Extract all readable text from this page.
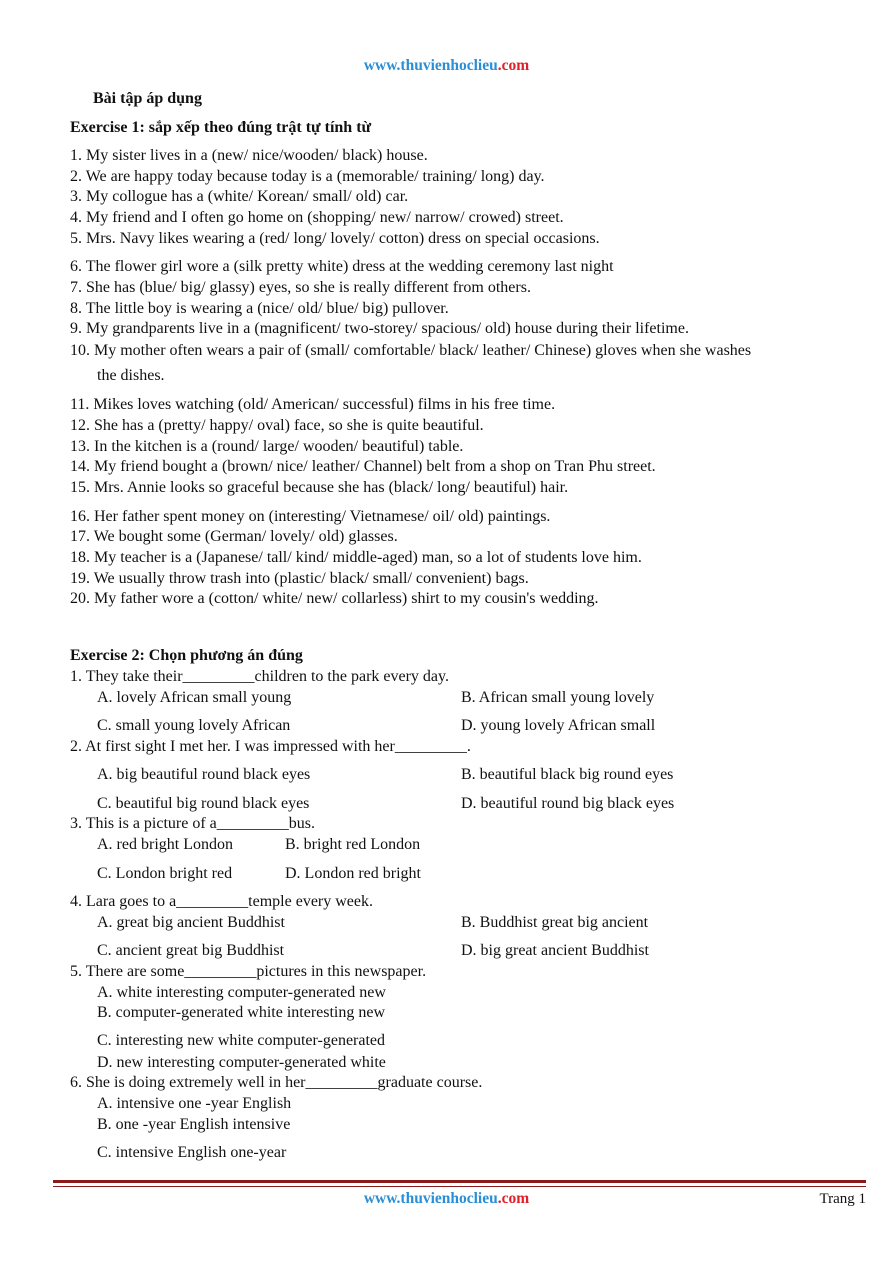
www.thuvienhoclieu.com
Bài tập áp dụng
Exercise 1: sắp xếp theo đúng trật tự tính từ
1. My sister lives in a (new/ nice/wooden/ black) house.
2. We are happy today because today is a (memorable/ training/ long) day.
3. My collogue has a (white/ Korean/ small/ old) car.
4. My friend and I often go home on (shopping/ new/ narrow/ crowed) street.
5. Mrs. Navy likes wearing a (red/ long/ lovely/ cotton) dress on special occasions.
6. The flower girl wore a (silk pretty white) dress at the wedding ceremony last night
7. She has (blue/ big/ glassy) eyes, so she is really different from others.
8. The little boy is wearing a (nice/ old/ blue/ big) pullover.
9. My grandparents live in a (magnificent/ two-storey/ spacious/ old) house during their lifetime.
10. My mother often wears a pair of (small/ comfortable/ black/ leather/ Chinese) gloves when she washes
the dishes.
11. Mikes loves watching (old/ American/ successful) films in his free time.
12. She has a (pretty/ happy/ oval) face, so she is quite beautiful.
13. In the kitchen is a (round/ large/ wooden/ beautiful) table.
14. My friend bought a (brown/ nice/ leather/ Channel) belt from a shop on Tran Phu street.
15. Mrs. Annie looks so graceful because she has (black/ long/ beautiful) hair.
16. Her father spent money on (interesting/ Vietnamese/ oil/ old) paintings.
17. We bought some (German/ lovely/ old) glasses.
18. My teacher is a (Japanese/ tall/ kind/ middle-aged) man, so a lot of students love him.
19. We usually throw trash into (plastic/ black/ small/ convenient) bags.
20. My father wore a (cotton/ white/ new/ collarless) shirt to my cousin's wedding.
Exercise 2: Chọn phương án đúng
1. They take their_________children to the park every day.
A. lovely African small young	B. African small young lovely
C. small young lovely African	D. young lovely African small
2. At first sight I met her. I was impressed with her_________.
A. big beautiful round black eyes	B. beautiful black big round eyes
C. beautiful big round black eyes	D. beautiful round big black eyes
3. This is a picture of a_________bus.
A. red bright London	B. bright red London
C. London bright red	D. London red bright
4. Lara goes to a_________temple every week.
A. great big ancient Buddhist	B. Buddhist great big ancient
C. ancient great big Buddhist	D. big great ancient Buddhist
5. There are some_________pictures in this newspaper.
A. white interesting computer-generated new
B. computer-generated white interesting new
C. interesting new white computer-generated
D. new interesting computer-generated white
6. She is doing extremely well in her_________graduate course.
A. intensive one -year English
B. one -year English intensive
C. intensive English one-year
www.thuvienhoclieu.com	Trang 1
